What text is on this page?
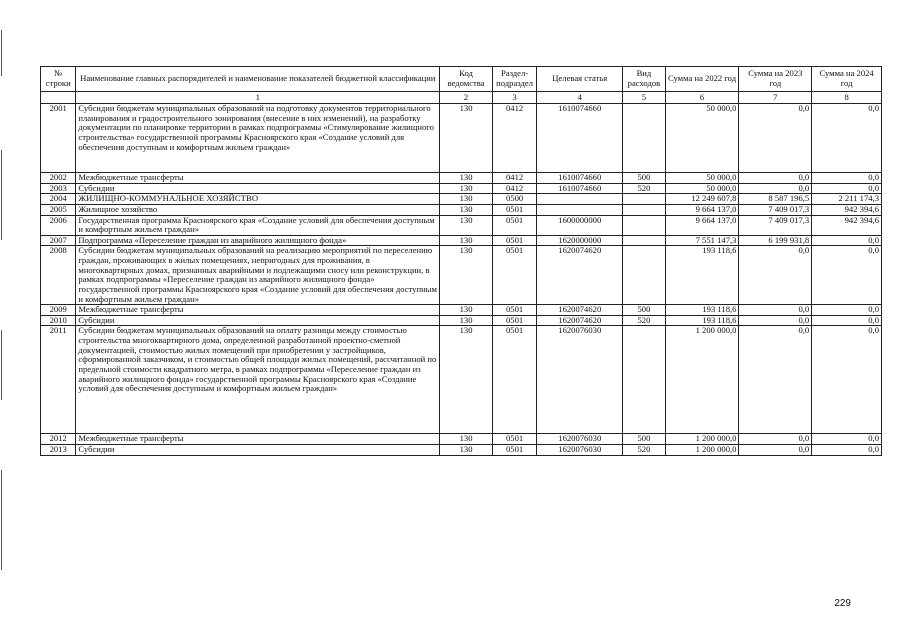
№ строки	Наименование главных распорядителей и наименование показателей бюджетной классификации	Код ведомства	Раздел-подраздел	Целевая статья	Вид расходов	Сумма на 2022 год	Сумма на 2023 год	Сумма на 2024 год
	1	2	3	4	5	6	7	8
2001	Субсидии бюджетам муниципальных образований на подготовку документов территориального планирования и градостроительного зонирования (внесение в них изменений), на разработку документации по планировке территории в рамках подпрограммы «Стимулирование жилищного строительства» государственной программы Красноярского края «Создание условий для обеспечения доступным и комфортным жильем граждан»	130	0412	1610074660		50 000,0	0,0	0,0
2002	Межбюджетные трансферты	130	0412	1610074660	500	50 000,0	0,0	0,0
2003	Субсидии	130	0412	1610074660	520	50 000,0	0,0	0,0
2004	ЖИЛИЩНО-КОММУНАЛЬНОЕ ХОЗЯЙСТВО	130	0500			12 249 607,8	8 587 196,5	2 211 174,3
2005	Жилищное хозяйство	130	0501			9 664 137,0	7 409 017,3	942 394,6
2006	Государственная программа Красноярского края «Создание условий для обеспечения доступным и комфортным жильем граждан»	130	0501	1600000000		9 664 137,0	7 409 017,3	942 394,6
2007	Подпрограмма «Переселение граждан из аварийного жилищного фонда»	130	0501	1620000000		7 551 147,3	6 199 931,8	0,0
2008	Субсидии бюджетам муниципальных образований на реализацию мероприятий по переселению граждан, проживающих в жилых помещениях, непригодных для проживания, в многоквартирных домах, признанных аварийными и подлежащими сносу или реконструкции, в рамках подпрограммы «Переселение граждан из аварийного жилищного фонда» государственной программы Красноярского края «Создание условий для обеспечения доступным и комфортным жильем граждан»	130	0501	1620074620		193 118,6	0,0	0,0
2009	Межбюджетные трансферты	130	0501	1620074620	500	193 118,6	0,0	0,0
2010	Субсидии	130	0501	1620074620	520	193 118,6	0,0	0,0
2011	Субсидии бюджетам муниципальных образований на оплату разницы между стоимостью строительства многоквартирного дома, определенной разработанной проектно-сметной документацией, стоимостью жилых помещений при приобретении у застройщиков, сформированной заказчиком, и стоимостью общей площади жилых помещений, рассчитанной по предельной стоимости квадратного метра, в рамках подпрограммы «Переселение граждан из аварийного жилищного фонда» государственной программы Красноярского края «Создание условий для обеспечения доступным и комфортным жильем граждан»	130	0501	1620076030		1 200 000,0	0,0	0,0
2012	Межбюджетные трансферты	130	0501	1620076030	500	1 200 000,0	0,0	0,0
2013	Субсидии	130	0501	1620076030	520	1 200 000,0	0,0	0,0
229
